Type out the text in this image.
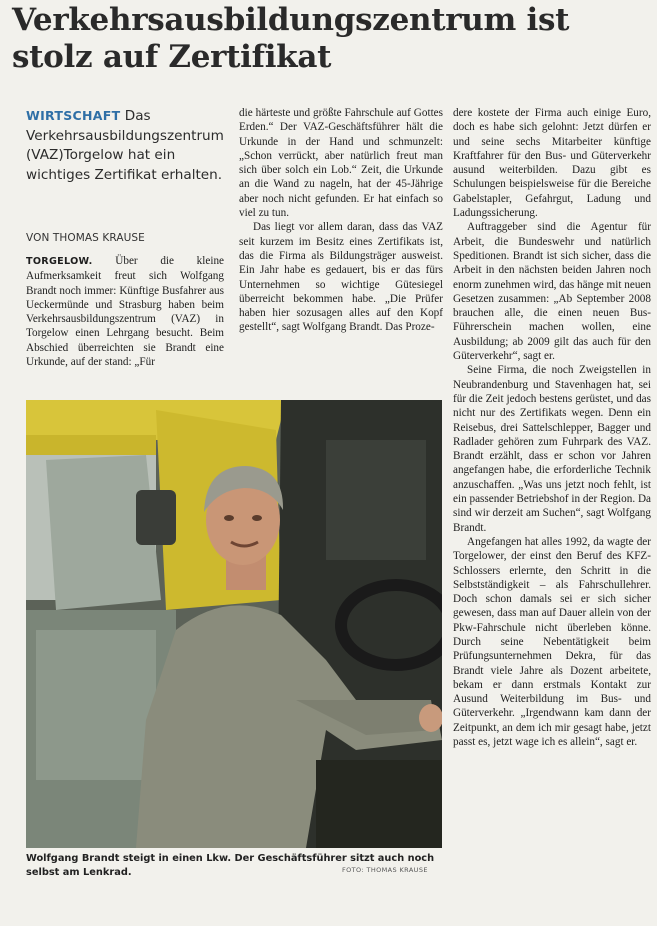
Verkehrsausbildungszentrum ist stolz auf Zertifikat

WIRTSCHAFT Das Verkehrsausbildungszentrum (VAZ)Torgelow hat ein wichtiges Zertifikat erhalten.

VON THOMAS KRAUSE

TORGELOW. Über die kleine Aufmerksamkeit freut sich Wolfgang Brandt noch immer: Künftige Busfahrer aus Ueckermünde und Strasburg haben beim Verkehrsausbildungszentrum (VAZ) in Torgelow einen Lehrgang besucht. Beim Abschied überreichten sie Brandt eine Urkunde, auf der stand: „Für

die härteste und größte Fahrschule auf Gottes Erden.“ Der VAZ-Geschäftsführer hält die Urkunde in der Hand und schmunzelt: „Schon verrückt, aber natürlich freut man sich über solch ein Lob.“ Zeit, die Urkunde an die Wand zu nageln, hat der 45-Jährige aber noch nicht gefunden. Er hat einfach so viel zu tun.

Das liegt vor allem daran, dass das VAZ seit kurzem im Besitz eines Zertifikats ist, das die Firma als Bildungsträger ausweist. Ein Jahr habe es gedauert, bis er das fürs Unternehmen so wichtige Gütesiegel überreicht bekommen habe. „Die Prüfer haben hier sozusagen alles auf den Kopf gestellt“, sagt Wolfgang Brandt. Das Proze-

dere kostete der Firma auch einige Euro, doch es habe sich gelohnt: Jetzt dürfen er und seine sechs Mitarbeiter künftige Kraftfahrer für den Bus- und Güterverkehr ausund weiterbilden. Dazu gibt es Schulungen beispielsweise für die Bereiche Gabelstapler, Gefahrgut, Ladung und Ladungssicherung.

Auftraggeber sind die Agentur für Arbeit, die Bundeswehr und natürlich Speditionen. Brandt ist sich sicher, dass die Arbeit in den nächsten beiden Jahren noch enorm zunehmen wird, das hänge mit neuen Gesetzen zusammen: „Ab September 2008 brauchen alle, die einen neuen Bus-Führerschein machen wollen, eine Ausbildung; ab 2009 gilt das auch für den Güterverkehr“, sagt er.

Seine Firma, die noch Zweigstellen in Neubrandenburg und Stavenhagen hat, sei für die Zeit jedoch bestens gerüstet, und das nicht nur des Zertifikats wegen. Denn ein Reisebus, drei Sattelschlepper, Bagger und Radlader gehören zum Fuhrpark des VAZ. Brandt erzählt, dass er schon vor Jahren angefangen habe, die erforderliche Technik anzuschaffen. „Was uns jetzt noch fehlt, ist ein passender Betriebshof in der Region. Da sind wir derzeit am Suchen“, sagt Wolfgang Brandt.

Angefangen hat alles 1992, da wagte der Torgelower, der einst den Beruf des KFZ-Schlossers erlernte, den Schritt in die Selbstständigkeit – als Fahrschullehrer. Doch schon damals sei er sich sicher gewesen, dass man auf Dauer allein von der Pkw-Fahrschule nicht überleben könne. Durch seine Nebentätigkeit beim Prüfungsunternehmen Dekra, für das Brandt viele Jahre als Dozent arbeitete, bekam er dann erstmals Kontakt zur Ausund Weiterbildung im Bus- und Güterverkehr. „Irgendwann kam dann der Zeitpunkt, an dem ich mir gesagt habe, jetzt passt es, jetzt wage ich es allein“, sagt er.

Wolfgang Brandt steigt in einen Lkw. Der Geschäftsführer sitzt auch noch selbst am Lenkrad.	FOTO: THOMAS KRAUSE
